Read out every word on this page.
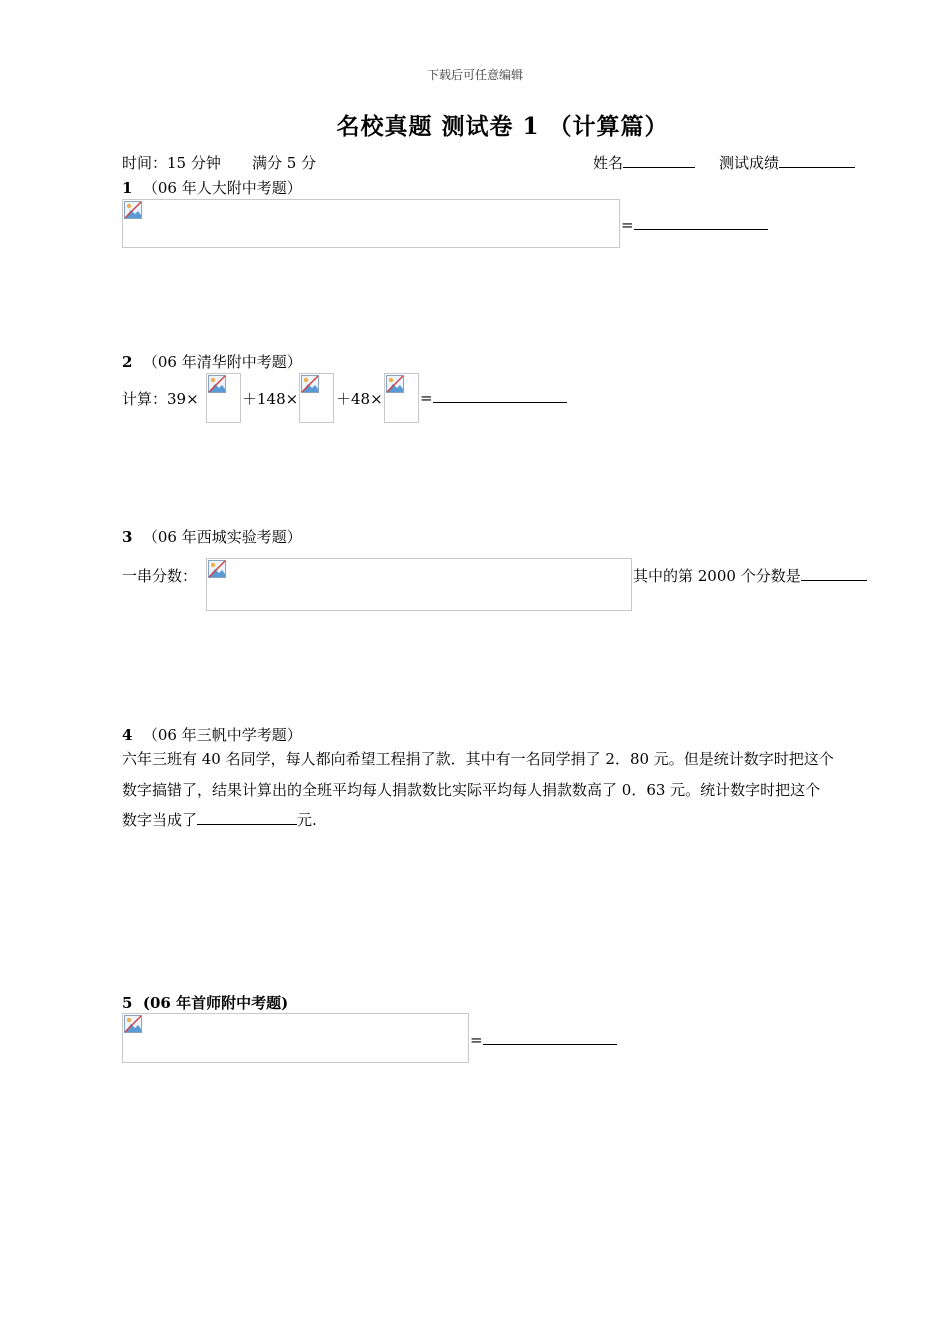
下载后可任意编辑
名校真题 测试卷 1 （计算篇）
时间：15 分钟 满分 5 分	姓名	测试成绩
1 （06 年人大附中考题）
=
2 （06 年清华附中考题）
计算：39×	＋148×	＋48× =
3 （06 年西城实验考题）
一串分数：	其中的第 2000 个分数是
4 （06 年三帆中学考题）
六年三班有 40 名同学，每人都向希望工程捐了款．其中有一名同学捐了 2．80 元。但是统计数字时把这个
数字搞错了，结果计算出的全班平均每人捐款数比实际平均每人捐款数高了 0．63 元。统计数字时把这个
数字当成了	元.
5 (06 年首师附中考题)
=
